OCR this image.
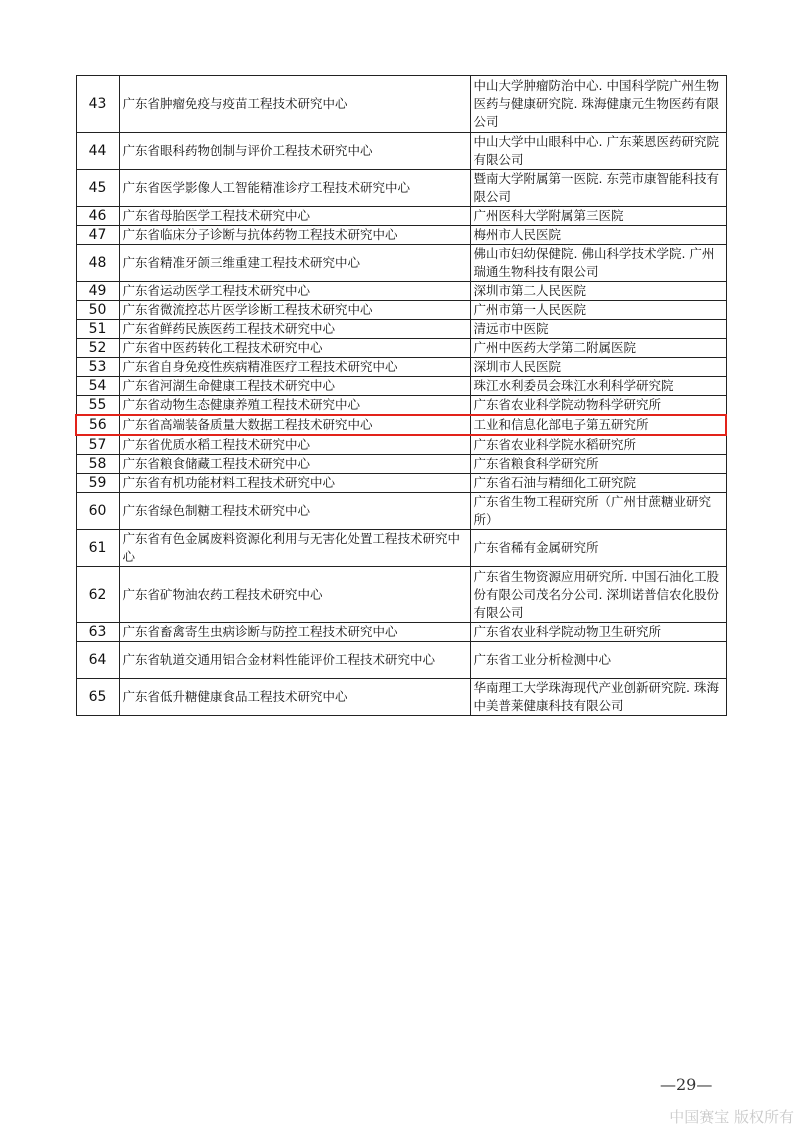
43	广东省肿瘤免疫与疫苗工程技术研究中心	中山大学肿瘤防治中心. 中国科学院广州生物医药与健康研究院. 珠海健康元生物医药有限公司
44	广东省眼科药物创制与评价工程技术研究中心	中山大学中山眼科中心. 广东莱恩医药研究院有限公司
45	广东省医学影像人工智能精准诊疗工程技术研究中心	暨南大学附属第一医院. 东莞市康智能科技有限公司
46	广东省母胎医学工程技术研究中心	广州医科大学附属第三医院
47	广东省临床分子诊断与抗体药物工程技术研究中心	梅州市人民医院
48	广东省精准牙颌三维重建工程技术研究中心	佛山市妇幼保健院. 佛山科学技术学院. 广州瑞通生物科技有限公司
49	广东省运动医学工程技术研究中心	深圳市第二人民医院
50	广东省微流控芯片医学诊断工程技术研究中心	广州市第一人民医院
51	广东省鲜药民族医药工程技术研究中心	清远市中医院
52	广东省中医药转化工程技术研究中心	广州中医药大学第二附属医院
53	广东省自身免疫性疾病精准医疗工程技术研究中心	深圳市人民医院
54	广东省河湖生命健康工程技术研究中心	珠江水利委员会珠江水利科学研究院
55	广东省动物生态健康养殖工程技术研究中心	广东省农业科学院动物科学研究所
56	广东省高端装备质量大数据工程技术研究中心	工业和信息化部电子第五研究所
57	广东省优质水稻工程技术研究中心	广东省农业科学院水稻研究所
58	广东省粮食储藏工程技术研究中心	广东省粮食科学研究所
59	广东省有机功能材料工程技术研究中心	广东省石油与精细化工研究院
60	广东省绿色制糖工程技术研究中心	广东省生物工程研究所（广州甘蔗糖业研究所）
61	广东省有色金属废料资源化利用与无害化处置工程技术研究中心	广东省稀有金属研究所
62	广东省矿物油农药工程技术研究中心	广东省生物资源应用研究所. 中国石油化工股份有限公司茂名分公司. 深圳诺普信农化股份有限公司
63	广东省畜禽寄生虫病诊断与防控工程技术研究中心	广东省农业科学院动物卫生研究所
64	广东省轨道交通用铝合金材料性能评价工程技术研究中心	广东省工业分析检测中心
65	广东省低升糖健康食品工程技术研究中心	华南理工大学珠海现代产业创新研究院. 珠海中美普莱健康科技有限公司
—29—
中国赛宝 版权所有
